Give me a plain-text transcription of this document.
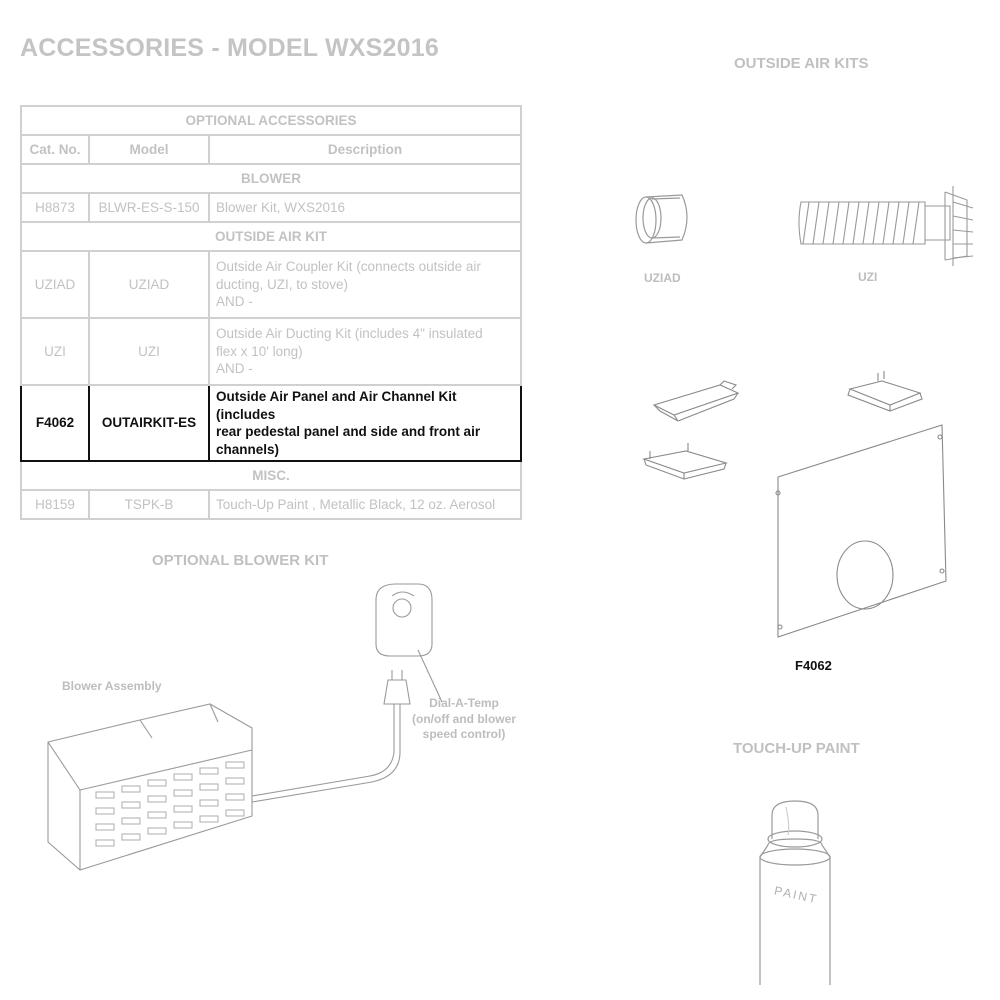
ACCESSORIES - MODEL WXS2016
OPTIONAL ACCESSORIES		
Cat. No.	Model	Description
BLOWER		
H8873	BLWR-ES-S-150	Blower Kit, WXS2016

OUTSIDE AIR KIT		
UZIAD	UZIAD	Outside Air Coupler Kit (connects outside air
ducting, UZI, to stove)
AND -

UZI	UZI	Outside Air Ducting Kit (includes 4" insulated
flex x 10' long)
AND -

F4062	OUTAIRKIT-ES	Outside Air Panel and Air Channel Kit (includes
rear pedestal panel and side and front air
channels)

MISC.		
H8159	TSPK-B	Touch-Up Paint , Metallic Black, 12 oz. Aerosol
OUTSIDE AIR KITS
UZIAD	UZI
F4062
TOUCH-UP PAINT
PAINT
OPTIONAL BLOWER KIT
Blower Assembly
Dial-A-Temp
(on/off and blower
speed control)
